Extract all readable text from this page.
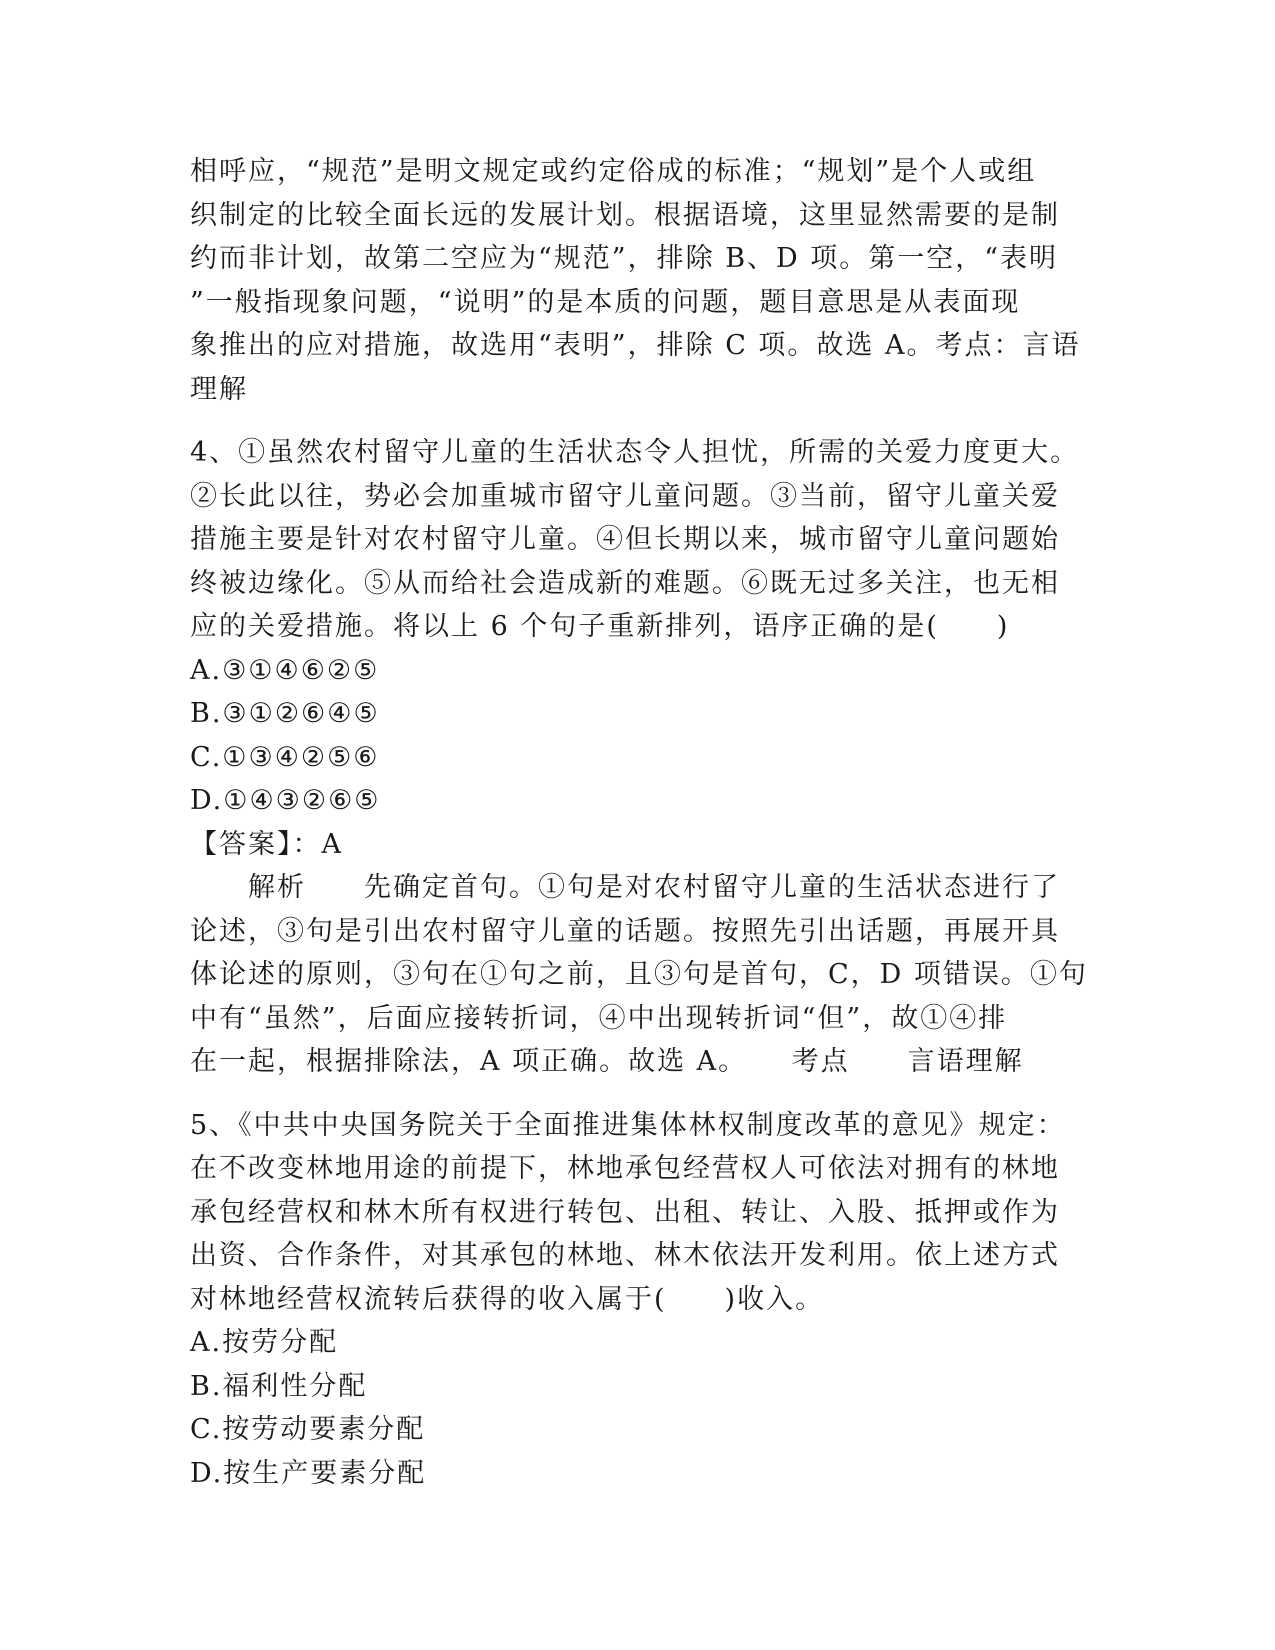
相呼应，“规范”是明文规定或约定俗成的标准；“规划”是个人或组
织制定的比较全面长远的发展计划。根据语境，这里显然需要的是制
约而非计划，故第二空应为“规范”，排除 B、D 项。第一空，“表明
”一般指现象问题，“说明”的是本质的问题，题目意思是从表面现
象推出的应对措施，故选用“表明”，排除 C 项。故选 A。考点：言语
理解
4、①虽然农村留守儿童的生活状态令人担忧，所需的关爱力度更大。
②长此以往，势必会加重城市留守儿童问题。③当前，留守儿童关爱
措施主要是针对农村留守儿童。④但长期以来，城市留守儿童问题始
终被边缘化。⑤从而给社会造成新的难题。⑥既无过多关注，也无相
应的关爱措施。将以上 6 个句子重新排列，语序正确的是(　　)
A.③①④⑥②⑤
B.③①②⑥④⑤
C.①③④②⑤⑥
D.①④③②⑥⑤
【答案】：A
解析　　先确定首句。①句是对农村留守儿童的生活状态进行了
论述，③句是引出农村留守儿童的话题。按照先引出话题，再展开具
体论述的原则，③句在①句之前，且③句是首句，C，D 项错误。①句
中有“虽然”，后面应接转折词，④中出现转折词“但”，故①④排
在一起，根据排除法，A 项正确。故选 A。　　考点　　言语理解
5、《中共中央国务院关于全面推进集体林权制度改革的意见》规定：
在不改变林地用途的前提下，林地承包经营权人可依法对拥有的林地
承包经营权和林木所有权进行转包、出租、转让、入股、抵押或作为
出资、合作条件，对其承包的林地、林木依法开发利用。依上述方式
对林地经营权流转后获得的收入属于(　　)收入。
A.按劳分配
B.福利性分配
C.按劳动要素分配
D.按生产要素分配
